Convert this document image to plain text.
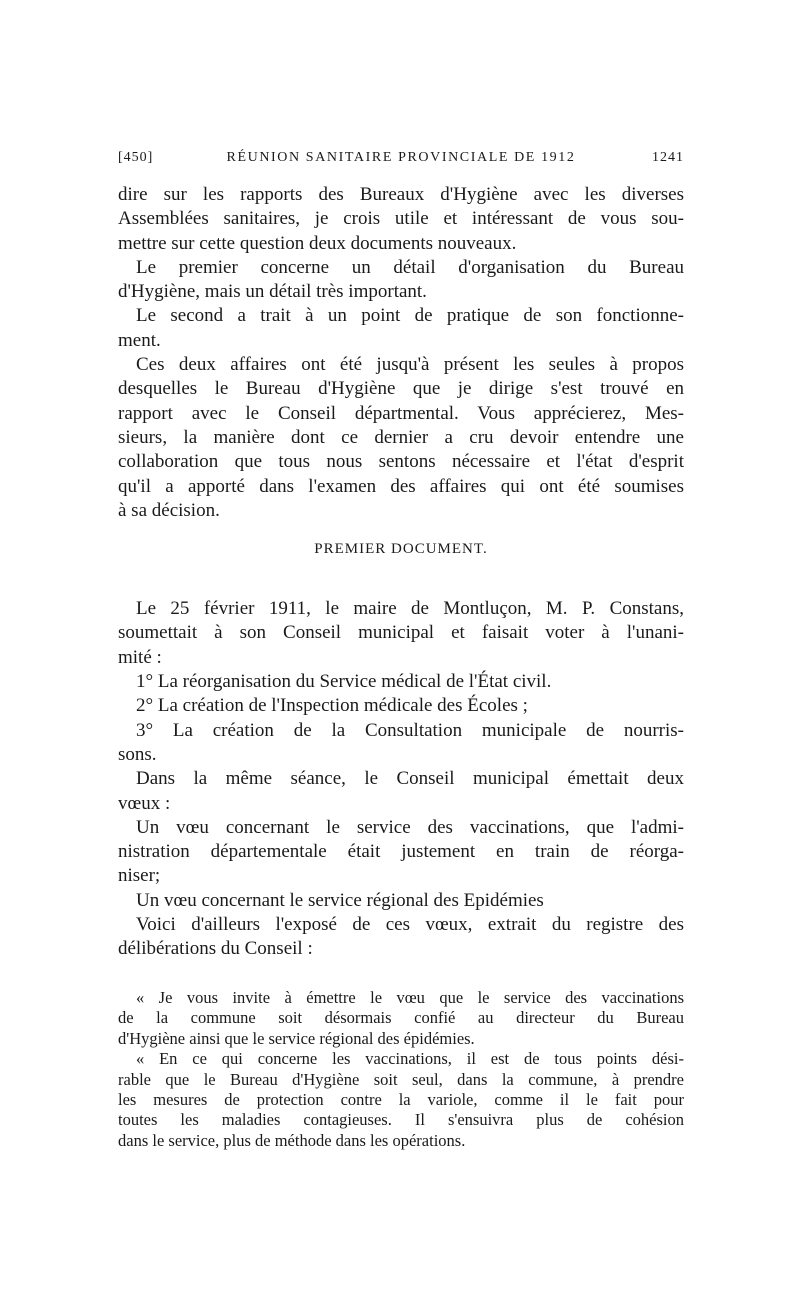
[450]	RÉUNION SANITAIRE PROVINCIALE DE 1912	1241
dire sur les rapports des Bureaux d'Hygiène avec les diverses
Assemblées sanitaires, je crois utile et intéressant de vous sou-
mettre sur cette question deux documents nouveaux.
Le premier concerne un détail d'organisation du Bureau
d'Hygiène, mais un détail très important.
Le second a trait à un point de pratique de son fonctionne-
ment.
Ces deux affaires ont été jusqu'à présent les seules à propos
desquelles le Bureau d'Hygiène que je dirige s'est trouvé en
rapport avec le Conseil départmental. Vous apprécierez, Mes-
sieurs, la manière dont ce dernier a cru devoir entendre une
collaboration que tous nous sentons nécessaire et l'état d'esprit
qu'il a apporté dans l'examen des affaires qui ont été soumises
à sa décision.
PREMIER DOCUMENT.
Le 25 février 1911, le maire de Montluçon, M. P. Constans,
soumettait à son Conseil municipal et faisait voter à l'unani-
mité :
1° La réorganisation du Service médical de l'État civil.
2° La création de l'Inspection médicale des Écoles ;
3° La création de la Consultation municipale de nourris-
sons.
Dans la même séance, le Conseil municipal émettait deux
vœux :
Un vœu concernant le service des vaccinations, que l'admi-
nistration départementale était justement en train de réorga-
niser;
Un vœu concernant le service régional des Epidémies
Voici d'ailleurs l'exposé de ces vœux, extrait du registre des
délibérations du Conseil :
« Je vous invite à émettre le vœu que le service des vaccinations
de la commune soit désormais confié au directeur du Bureau
d'Hygiène ainsi que le service régional des épidémies.
« En ce qui concerne les vaccinations, il est de tous points dési-
rable que le Bureau d'Hygiène soit seul, dans la commune, à prendre
les mesures de protection contre la variole, comme il le fait pour
toutes les maladies contagieuses. Il s'ensuivra plus de cohésion
dans le service, plus de méthode dans les opérations.
